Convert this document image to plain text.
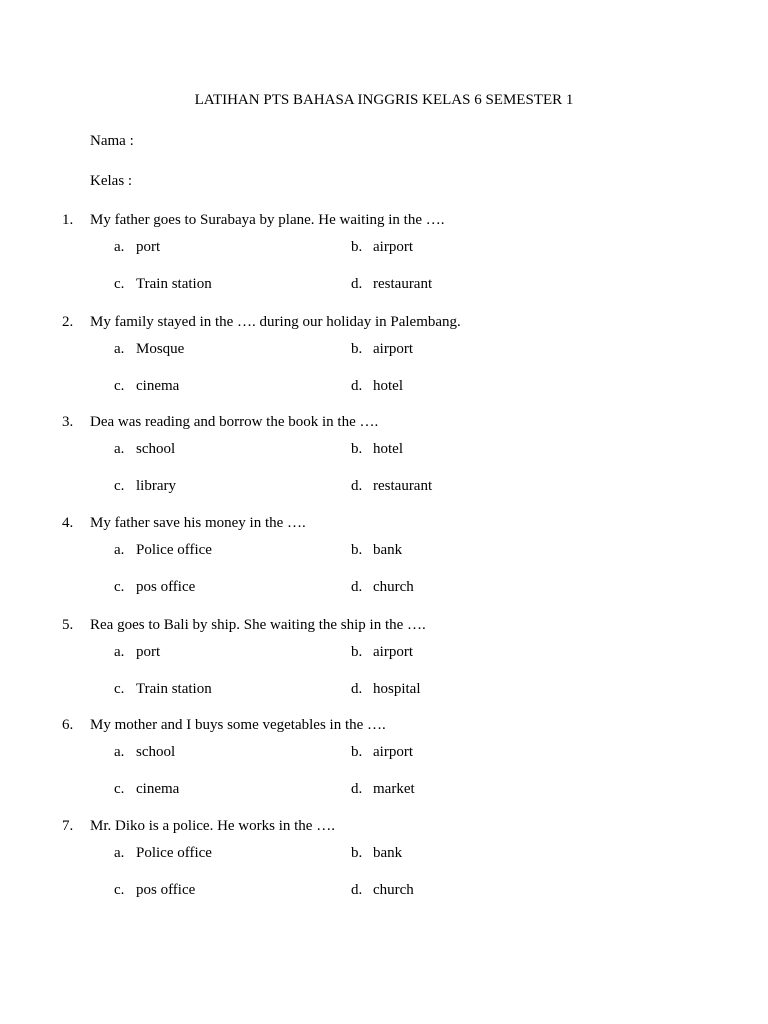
LATIHAN PTS BAHASA INGGRIS KELAS 6 SEMESTER 1
Nama :
Kelas :
1. My father goes to Surabaya by plane. He waiting in the ….
a. port	b. airport
c. Train station	d. restaurant
2. My family stayed in the …. during our holiday in Palembang.
a. Mosque	b. airport
c. cinema	d. hotel
3. Dea was reading and borrow the book in the ….
a. school	b. hotel
c. library	d. restaurant
4. My father save his money in the ….
a. Police office	b. bank
c. pos office	d. church
5. Rea goes to Bali by ship. She waiting the ship in the ….
a. port	b. airport
c. Train station	d. hospital
6. My mother and I buys some vegetables in the ….
a. school	b. airport
c. cinema	d. market
7. Mr. Diko is a police. He works in the ….
a. Police office	b. bank
c. pos office	d. church
